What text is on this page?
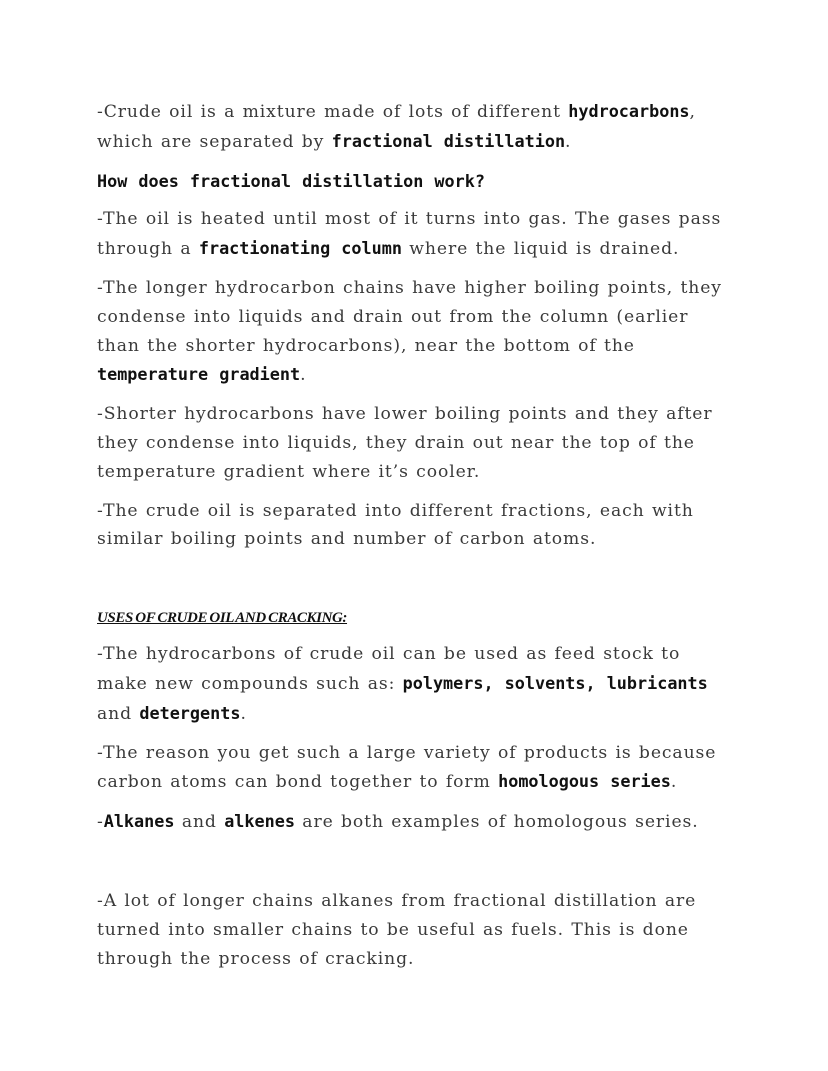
-Crude oil is a mixture made of lots of different hydrocarbons, which are separated by fractional distillation.

How does fractional distillation work?

-The oil is heated until most of it turns into gas. The gases pass through a fractionating column where the liquid is drained.

-The longer hydrocarbon chains have higher boiling points, they condense into liquids and drain out from the column (earlier than the shorter hydrocarbons), near the bottom of the temperature gradient.

-Shorter hydrocarbons have lower boiling points and they after they condense into liquids, they drain out near the top of the temperature gradient where it’s cooler.

-The crude oil is separated into different fractions, each with similar boiling points and number of carbon atoms.

USES OF CRUDE OIL AND CRACKING:

-The hydrocarbons of crude oil can be used as feed stock to make new compounds such as: polymers, solvents, lubricants and detergents.

-The reason you get such a large variety of products is because carbon atoms can bond together to form homologous series.

-Alkanes and alkenes are both examples of homologous series.

-A lot of longer chains alkanes from fractional distillation are turned into smaller chains to be useful as fuels. This is done through the process of cracking.
